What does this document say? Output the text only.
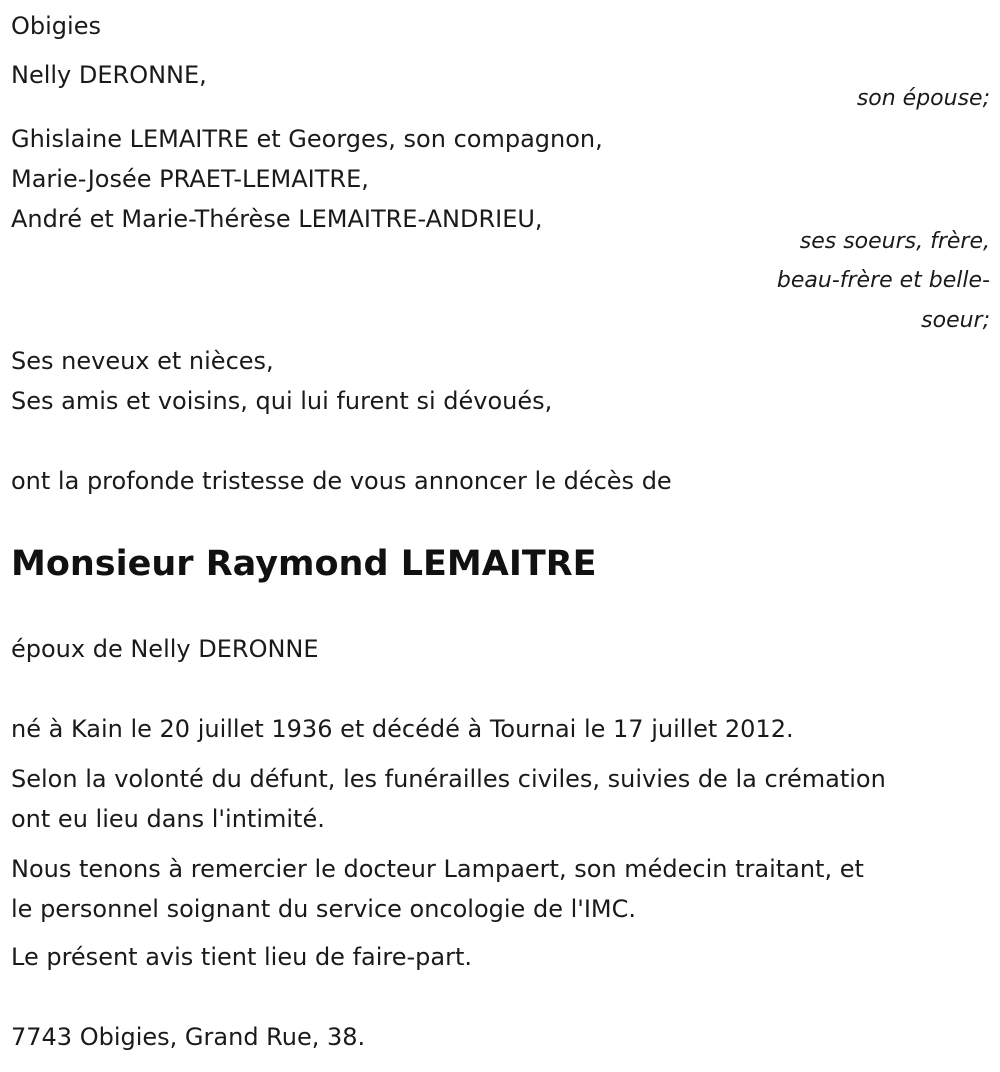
Obigies

Nelly DERONNE,

son épouse;

Ghislaine LEMAITRE et Georges, son compagnon,

Marie-Josée PRAET-LEMAITRE,

André et Marie-Thérèse LEMAITRE-ANDRIEU,

ses soeurs, frère,

beau-frère et belle-

soeur;

Ses neveux et nièces,

Ses amis et voisins, qui lui furent si dévoués,

ont la profonde tristesse de vous annoncer le décès de

Monsieur Raymond LEMAITRE

époux de Nelly DERONNE

né à Kain le 20 juillet 1936 et décédé à Tournai le 17 juillet 2012.

Selon la volonté du défunt, les funérailles civiles, suivies de la crémation

ont eu lieu dans l'intimité.

Nous tenons à remercier le docteur Lampaert, son médecin traitant, et

le personnel soignant du service oncologie de l'IMC.

Le présent avis tient lieu de faire-part.

7743 Obigies, Grand Rue, 38.
